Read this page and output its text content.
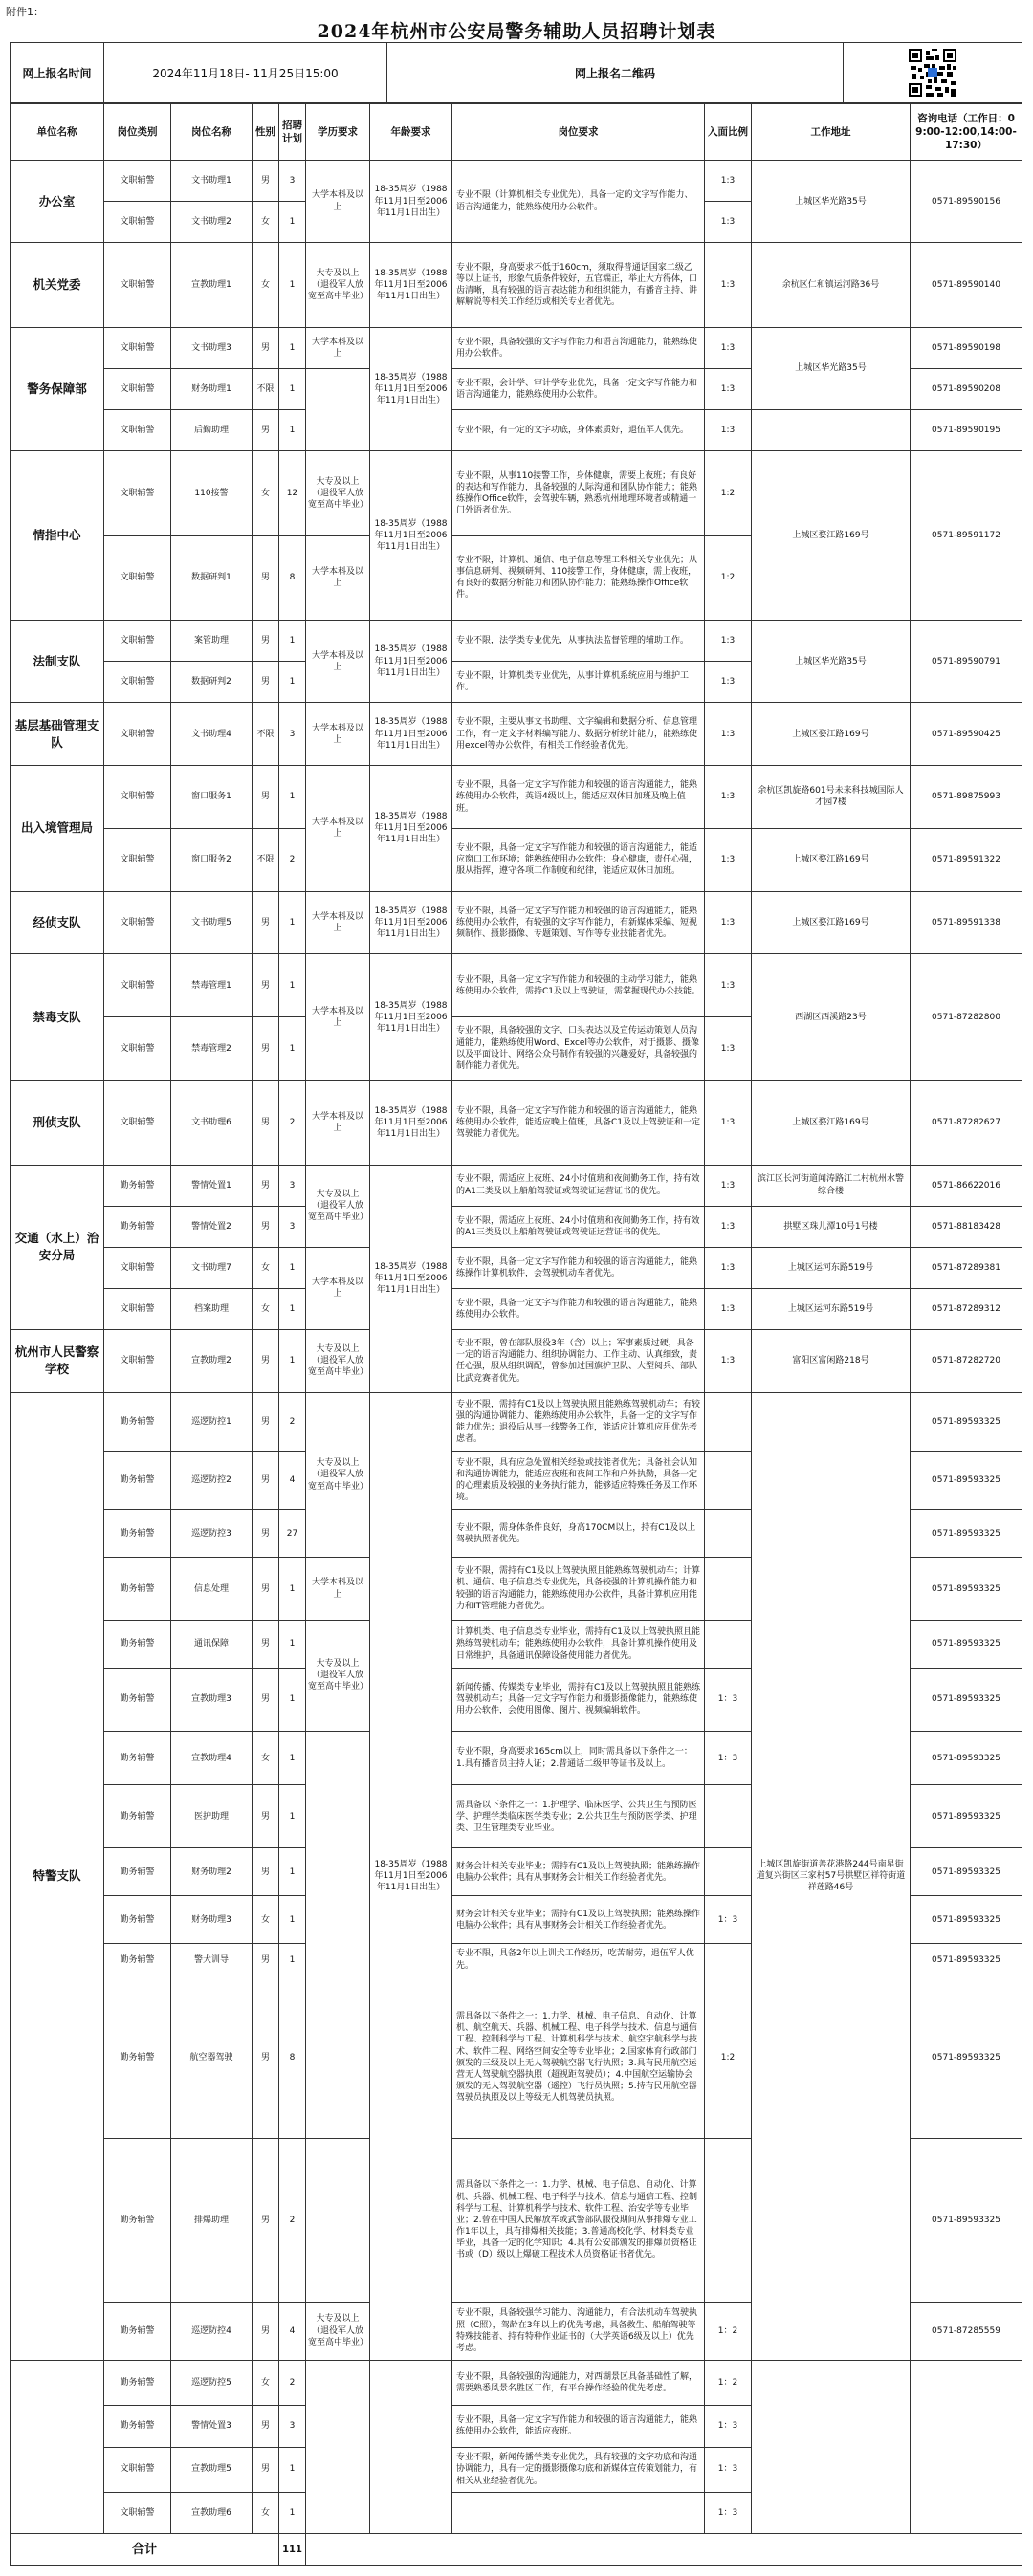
附件1：
2024年杭州市公安局警务辅助人员招聘计划表
网上报名时间	2024年11月18日- 11月25日15:00	网上报名二维码	
单位名称	岗位类别	岗位名称	性别	招聘计划	学历要求	年龄要求	岗位要求	入面比例	工作地址	咨询电话（工作日：09:00-12:00,14:00-17:30）
办公室	文职辅警	文书助理1	男	3	大学本科及以上	18-35周岁（1988年11月1日至2006年11月1日出生）	专业不限（计算机相关专业优先），具备一定的文字写作能力、语言沟通能力，能熟练使用办公软件。	1:3	上城区华光路35号	0571-89590156
	文职辅警	文书助理2	女	1				1:3		
机关党委	文职辅警	宣教助理1	女	1	大专及以上（退役军人放宽至高中毕业）	18-35周岁（1988年11月1日至2006年11月1日出生）	专业不限，身高要求不低于160cm，须取得普通话国家二级乙等以上证书，形象气质条件较好，五官端正，举止大方得体，口齿清晰，具有较强的语言表达能力和组织能力，有播音主持、讲解解说等相关工作经历或相关专业者优先。	1:3	余杭区仁和镇运河路36号	0571-89590140
警务保障部	文职辅警	文书助理3	男	1	大学本科及以上	18-35周岁（1988年11月1日至2006年11月1日出生）	专业不限，具备较强的文字写作能力和语言沟通能力，能熟练使用办公软件。	1:3	上城区华光路35号	0571-89590198
	文职辅警	财务助理1	不限	1			专业不限，会计学、审计学专业优先，具备一定文字写作能力和语言沟通能力，能熟练使用办公软件。	1:3		0571-89590208
	文职辅警	后勤助理	男	1			专业不限，有一定的文字功底，身体素质好，退伍军人优先。	1:3		0571-89590195
情指中心	文职辅警	110接警	女	12	大专及以上（退役军人放宽至高中毕业）	18-35周岁（1988年11月1日至2006年11月1日出生）	专业不限，从事110接警工作，身体健康，需要上夜班；有良好的表达和写作能力，具备较强的人际沟通和团队协作能力；能熟练操作Office软件，会驾驶车辆，熟悉杭州地理环境者或精通一门外语者优先。	1:2	上城区婺江路169号	0571-89591172
	文职辅警	数据研判1	男	8	大学本科及以上		专业不限，计算机、通信、电子信息等理工科相关专业优先；从事信息研判、视频研判、110接警工作，身体健康，需上夜班，有良好的数据分析能力和团队协作能力；能熟练操作Office软件。	1:2		
法制支队	文职辅警	案管助理	男	1	大学本科及以上	18-35周岁（1988年11月1日至2006年11月1日出生）	专业不限，法学类专业优先，从事执法监督管理的辅助工作。	1:3	上城区华光路35号	0571-89590791
	文职辅警	数据研判2	男	1			专业不限，计算机类专业优先，从事计算机系统应用与维护工作。	1:3		
基层基础管理支队	文职辅警	文书助理4	不限	3	大学本科及以上	18-35周岁（1988年11月1日至2006年11月1日出生）	专业不限，主要从事文书助理、文字编辑和数据分析、信息管理工作，有一定文字材料编写能力、数据分析统计能力，能熟练使用excel等办公软件，有相关工作经验者优先。	1:3	上城区婺江路169号	0571-89590425
出入境管理局	文职辅警	窗口服务1	男	1	大学本科及以上	18-35周岁（1988年11月1日至2006年11月1日出生）	专业不限，具备一定文字写作能力和较强的语言沟通能力，能熟练使用办公软件，英语4级以上，能适应双休日加班及晚上值班。	1:3	余杭区凯旋路601号未来科技城国际人才园7楼	0571-89875993
	文职辅警	窗口服务2	不限	2			专业不限，具备一定文字写作能力和较强的语言沟通能力，能适应窗口工作环境；能熟练使用办公软件；身心健康，责任心强，服从指挥，遵守各项工作制度和纪律，能适应双休日加班。	1:3	上城区婺江路169号	0571-89591322
经侦支队	文职辅警	文书助理5	男	1	大学本科及以上	18-35周岁（1988年11月1日至2006年11月1日出生）	专业不限，具备一定文字写作能力和较强的语言沟通能力，能熟练使用办公软件，有较强的文字写作能力，有新媒体采编、短视频制作、摄影摄像、专题策划、写作等专业技能者优先。	1:3	上城区婺江路169号	0571-89591338
禁毒支队	文职辅警	禁毒管理1	男	1	大学本科及以上	18-35周岁（1988年11月1日至2006年11月1日出生）	专业不限，具备一定文字写作能力和较强的主动学习能力，能熟练使用办公软件，需持C1及以上驾驶证，需掌握现代办公技能。	1:3	西湖区西溪路23号	0571-87282800
	文职辅警	禁毒管理2	男	1			专业不限，具备较强的文字、口头表达以及宣传运动策划人员沟通能力，能熟练使用Word、Excel等办公软件，对于摄影、摄像以及平面设计、网络公众号制作有较强的兴趣爱好，具备较强的制作能力者优先。	1:3		
刑侦支队	文职辅警	文书助理6	男	2	大学本科及以上	18-35周岁（1988年11月1日至2006年11月1日出生）	专业不限，具备一定文字写作能力和较强的语言沟通能力，能熟练使用办公软件，能适应晚上值班，具备C1及以上驾驶证和一定驾驶能力者优先。	1:3	上城区婺江路169号	0571-87282627
交通（水上）治安分局	勤务辅警	警情处置1	男	3	大专及以上（退役军人放宽至高中毕业）	18-35周岁（1988年11月1日至2006年11月1日出生）	专业不限，需适应上夜班、24小时值班和夜间勤务工作，持有效的A1三类及以上船舶驾驶证或驾驶证运营证书的优先。	1:3	滨江区长河街道闻涛路江二村杭州水警综合楼	0571-86622016
	勤务辅警	警情处置2	男	3			专业不限，需适应上夜班、24小时值班和夜间勤务工作，持有效的A1三类及以上船舶驾驶证或驾驶证运营证书的优先。	1:3	拱墅区珠儿潭10号1号楼	0571-88183428
	文职辅警	文书助理7	女	1	大学本科及以上		专业不限，具备一定文字写作能力和较强的语言沟通能力，能熟练操作计算机软件，会驾驶机动车者优先。	1:3	上城区运河东路519号	0571-87289381
	文职辅警	档案助理	女	1			专业不限，具备一定文字写作能力和较强的语言沟通能力，能熟练使用办公软件。	1:3	上城区运河东路519号	0571-87289312
杭州市人民警察学校	文职辅警	宣教助理2	男	1	大专及以上（退役军人放宽至高中毕业）		专业不限，曾在部队服役3年（含）以上；军事素质过硬，具备一定的语言沟通能力、组织协调能力、工作主动、认真细致，责任心强，服从组织调配，曾参加过国旗护卫队、大型阅兵、部队比武竞赛者优先。	1:3	富阳区富闲路218号	0571-87282720
特警支队	勤务辅警	巡逻防控1	男	2	大专及以上（退役军人放宽至高中毕业）	18-35周岁（1988年11月1日至2006年11月1日出生）	专业不限，需持有C1及以上驾驶执照且能熟练驾驶机动车；有较强的沟通协调能力、能熟练使用办公软件，具备一定的文字写作能力优先；退役后从事一线警务工作，能适应计算机应用优先考虑者。		上城区凯旋街道善花港路244号南星街道复兴街区三家村57号拱墅区祥符街道祥莲路46号	0571-89593325
	勤务辅警	巡逻防控2	男	4			专业不限，具有应急处置相关经验或技能者优先；具备社会认知和沟通协调能力，能适应夜班和夜间工作和户外执勤，具备一定的心理素质及较强的业务执行能力，能够适应特殊任务及工作环境。			0571-89593325
	勤务辅警	巡逻防控3	男	27			专业不限，需身体条件良好，身高170CM以上，持有C1及以上驾驶执照者优先。			0571-89593325
	勤务辅警	信息处理	男	1	大学本科及以上		专业不限，需持有C1及以上驾驶执照且能熟练驾驶机动车；计算机、通信、电子信息类专业优先，具备较强的计算机操作能力和较强的语言沟通能力，能熟练使用办公软件，具备计算机应用能力和IT管理能力者优先。			0571-89593325
	勤务辅警	通讯保障	男	1	大专及以上（退役军人放宽至高中毕业）		计算机类、电子信息类专业毕业，需持有C1及以上驾驶执照且能熟练驾驶机动车；能熟练使用办公软件，具备计算机操作使用及日常维护，具备通讯保障设备使用能力者优先。			0571-89593325
	勤务辅警	宣教助理3	男	1			新闻传播、传媒类专业毕业，需持有C1及以上驾驶执照且能熟练驾驶机动车；具备一定文字写作能力和摄影摄像能力，能熟练使用办公软件，会使用图像、图片、视频编辑软件。	1：3		0571-89593325
	勤务辅警	宣教助理4	女	1			专业不限，身高要求165cm以上，同时需具备以下条件之一：1.具有播音员主持人证；2.普通话二级甲等证书及以上。	1：3		0571-89593325
	勤务辅警	医护助理	男	1			需具备以下条件之一：1.护理学、临床医学、公共卫生与预防医学、护理学类临床医学类专业；2.公共卫生与预防医学类、护理类、卫生管理类专业毕业。			0571-89593325
	勤务辅警	财务助理2	男	1			财务会计相关专业毕业；需持有C1及以上驾驶执照；能熟练操作电脑办公软件；具有从事财务会计相关工作经验者优先。			0571-89593325
	勤务辅警	财务助理3	女	1			财务会计相关专业毕业；需持有C1及以上驾驶执照；能熟练操作电脑办公软件；具有从事财务会计相关工作经验者优先。	1：3		0571-89593325
	勤务辅警	警犬训导	男	1			专业不限，具备2年以上训犬工作经历，吃苦耐劳，退伍军人优先。			0571-89593325
	勤务辅警	航空器驾驶	男	8			需具备以下条件之一：1.力学、机械、电子信息、自动化、计算机、航空航天、兵器、机械工程、电子科学与技术、信息与通信工程、控制科学与工程、计算机科学与技术、航空宇航科学与技术、软件工程、网络空间安全等专业毕业；2.国家体育行政部门颁发的三级及以上无人驾驶航空器飞行执照；3.具有民用航空运营无人驾驶航空器执照（超视距驾驶员）；4.中国航空运输协会颁发的无人驾驶航空器（遥控）飞行员执照；5.持有民用航空器驾驶员执照及以上等级无人机驾驶员执照。	1:2		0571-89593325
	勤务辅警	排爆助理	男	2			需具备以下条件之一：1.力学、机械、电子信息、自动化、计算机、兵器、机械工程、电子科学与技术、信息与通信工程、控制科学与工程、计算机科学与技术、软件工程、治安学等专业毕业；2.曾在中国人民解放军或武警部队服役期间从事排爆专业工作1年以上，具有排爆相关技能；3.普通高校化学、材料类专业毕业，具备一定的化学知识；4.具有公安部颁发的排爆员资格证书或（D）级以上爆破工程技术人员资格证书者优先。			0571-89593325
	勤务辅警	巡逻防控4	男	4	大专及以上（退役军人放宽至高中毕业）		专业不限，具备较强学习能力、沟通能力，有合法机动车驾驶执照（C照），驾龄在3年以上的优先考虑，具备救生、船舶驾驶等特殊技能者、持有特种作业证书的（大学英语6级及以上）优先考虑。	1：2		0571-87285559
	勤务辅警	巡逻防控5	女	2			专业不限，具备较强的沟通能力，对西湖景区具备基础性了解，需要熟悉风景名胜区工作，有平台操作经验的优先考虑。	1：2		
	勤务辅警	警情处置3	男	3			专业不限，具备一定文字写作能力和较强的语言沟通能力，能熟练使用办公软件，能适应夜班。	1：3		
	文职辅警	宣教助理5	男	1			专业不限，新闻传播学类专业优先，具有较强的文字功底和沟通协调能力，具有一定的摄影摄像功底和新媒体宣传策划能力，有相关从业经验者优先。	1：3		
	文职辅警	宣教助理6	女	1				1：3		
合计				111						
